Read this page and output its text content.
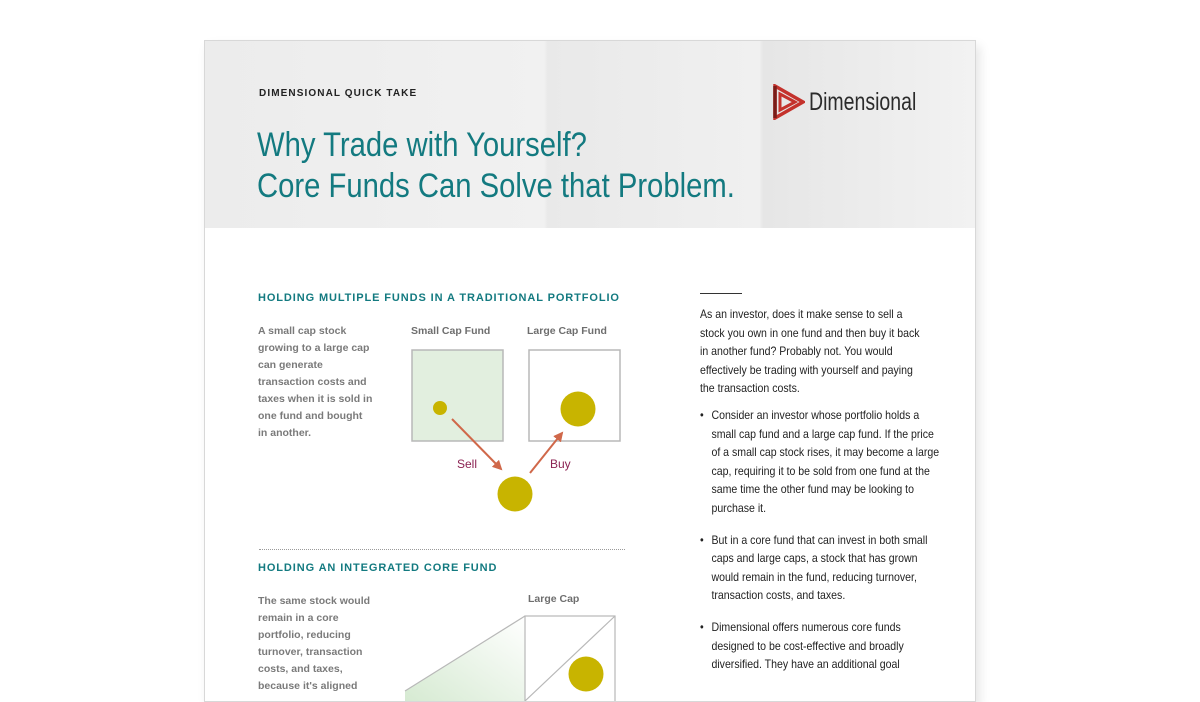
DIMENSIONAL QUICK TAKE
Why Trade with Yourself?
Core Funds Can Solve that Problem.
Dimensional
HOLDING MULTIPLE FUNDS IN A TRADITIONAL PORTFOLIO
A small cap stock growing to a large cap can generate transaction costs and taxes when it is sold in one fund and bought in another.
Small Cap Fund	Large Cap Fund
Sell	Buy
HOLDING AN INTEGRATED CORE FUND
The same stock would remain in a core portfolio, reducing turnover, transaction costs, and taxes, because it's aligned
Large Cap

As an investor, does it make sense to sell a stock you own in one fund and then buy it back in another fund? Probably not. You would effectively be trading with yourself and paying the transaction costs.

• Consider an investor whose portfolio holds a small cap fund and a large cap fund. If the price of a small cap stock rises, it may become a large cap, requiring it to be sold from one fund at the same time the other fund may be looking to purchase it.
• But in a core fund that can invest in both small caps and large caps, a stock that has grown would remain in the fund, reducing turnover, transaction costs, and taxes.
• Dimensional offers numerous core funds designed to be cost-effective and broadly diversified. They have an additional goal
